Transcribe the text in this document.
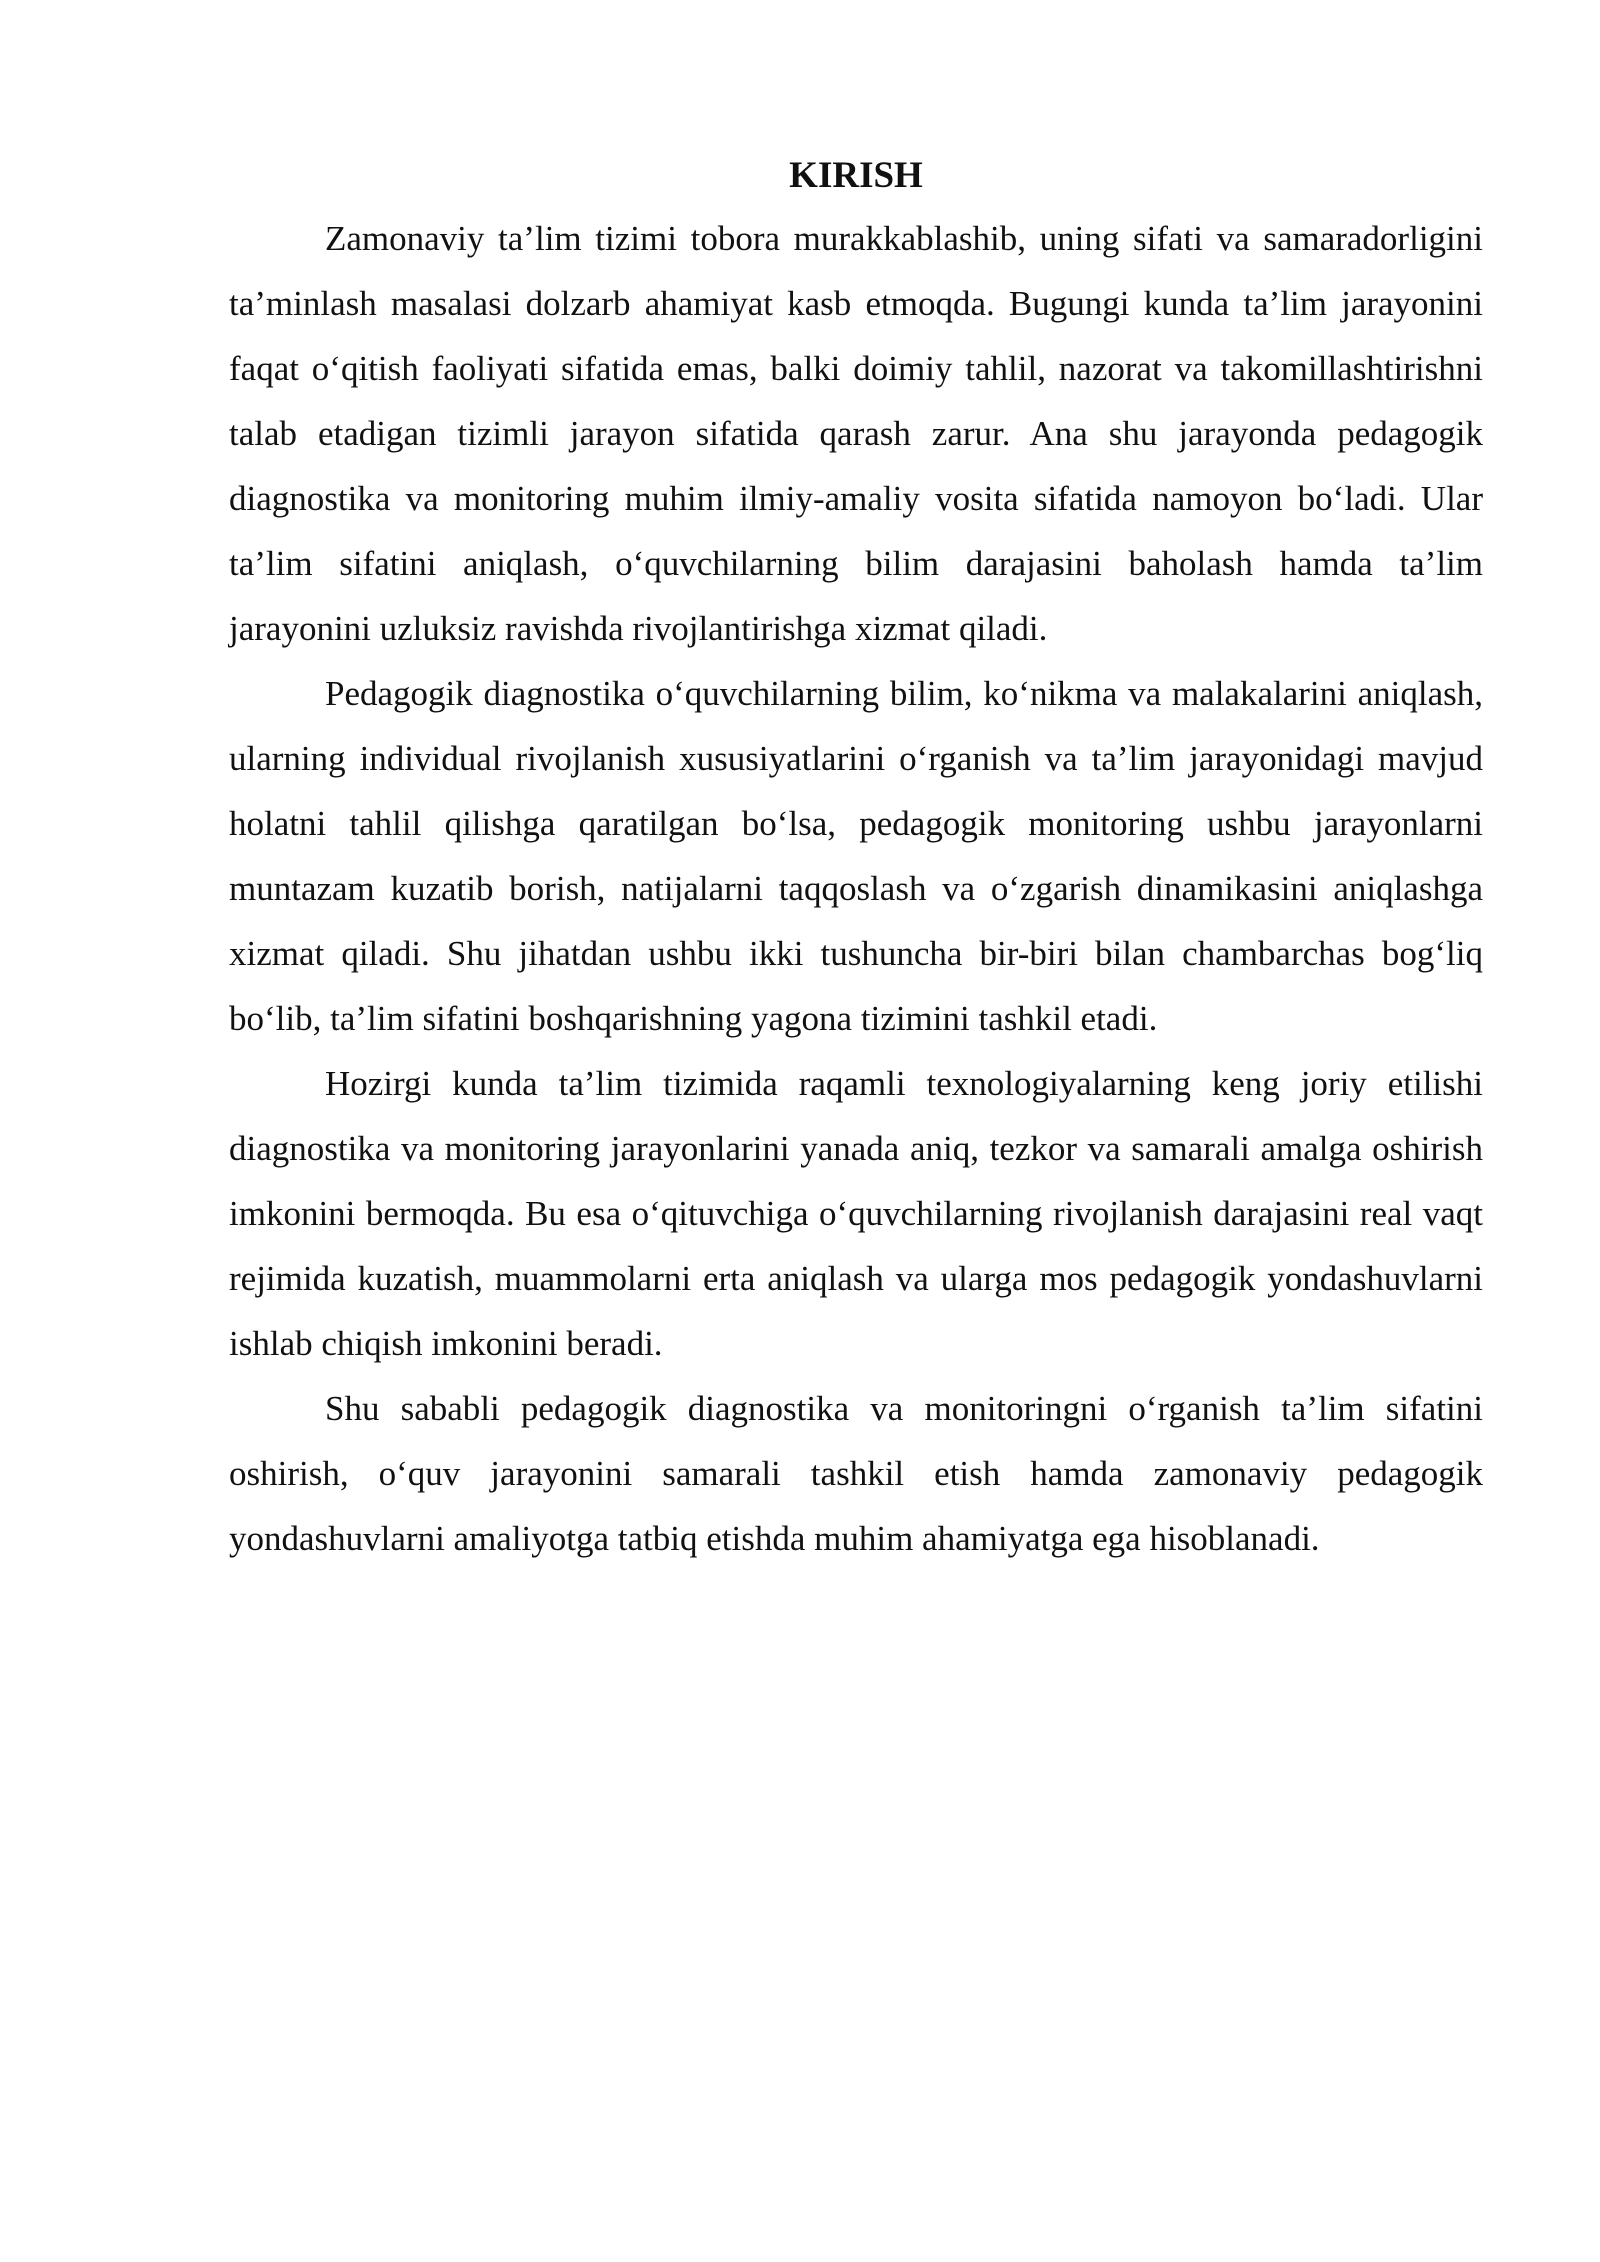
KIRISH

Zamonaviy ta’lim tizimi tobora murakkablashib, uning sifati va samaradorligini ta’minlash masalasi dolzarb ahamiyat kasb etmoqda. Bugungi kunda ta’lim jarayonini faqat o‘qitish faoliyati sifatida emas, balki doimiy tahlil, nazorat va takomillashtirishni talab etadigan tizimli jarayon sifatida qarash zarur. Ana shu jarayonda pedagogik diagnostika va monitoring muhim ilmiy-amaliy vosita sifatida namoyon bo‘ladi. Ular ta’lim sifatini aniqlash, o‘quvchilarning bilim darajasini baholash hamda ta’lim jarayonini uzluksiz ravishda rivojlantirishga xizmat qiladi.

Pedagogik diagnostika o‘quvchilarning bilim, ko‘nikma va malakalarini aniqlash, ularning individual rivojlanish xususiyatlarini o‘rganish va ta’lim jarayonidagi mavjud holatni tahlil qilishga qaratilgan bo‘lsa, pedagogik monitoring ushbu jarayonlarni muntazam kuzatib borish, natijalarni taqqoslash va o‘zgarish dinamikasini aniqlashga xizmat qiladi. Shu jihatdan ushbu ikki tushuncha bir-biri bilan chambarchas bog‘liq bo‘lib, ta’lim sifatini boshqarishning yagona tizimini tashkil etadi.

Hozirgi kunda ta’lim tizimida raqamli texnologiyalarning keng joriy etilishi diagnostika va monitoring jarayonlarini yanada aniq, tezkor va samarali amalga oshirish imkonini bermoqda. Bu esa o‘qituvchiga o‘quvchilarning rivojlanish darajasini real vaqt rejimida kuzatish, muammolarni erta aniqlash va ularga mos pedagogik yondashuvlarni ishlab chiqish imkonini beradi.

Shu sababli pedagogik diagnostika va monitoringni o‘rganish ta’lim sifatini oshirish, o‘quv jarayonini samarali tashkil etish hamda zamonaviy pedagogik yondashuvlarni amaliyotga tatbiq etishda muhim ahamiyatga ega hisoblanadi.
